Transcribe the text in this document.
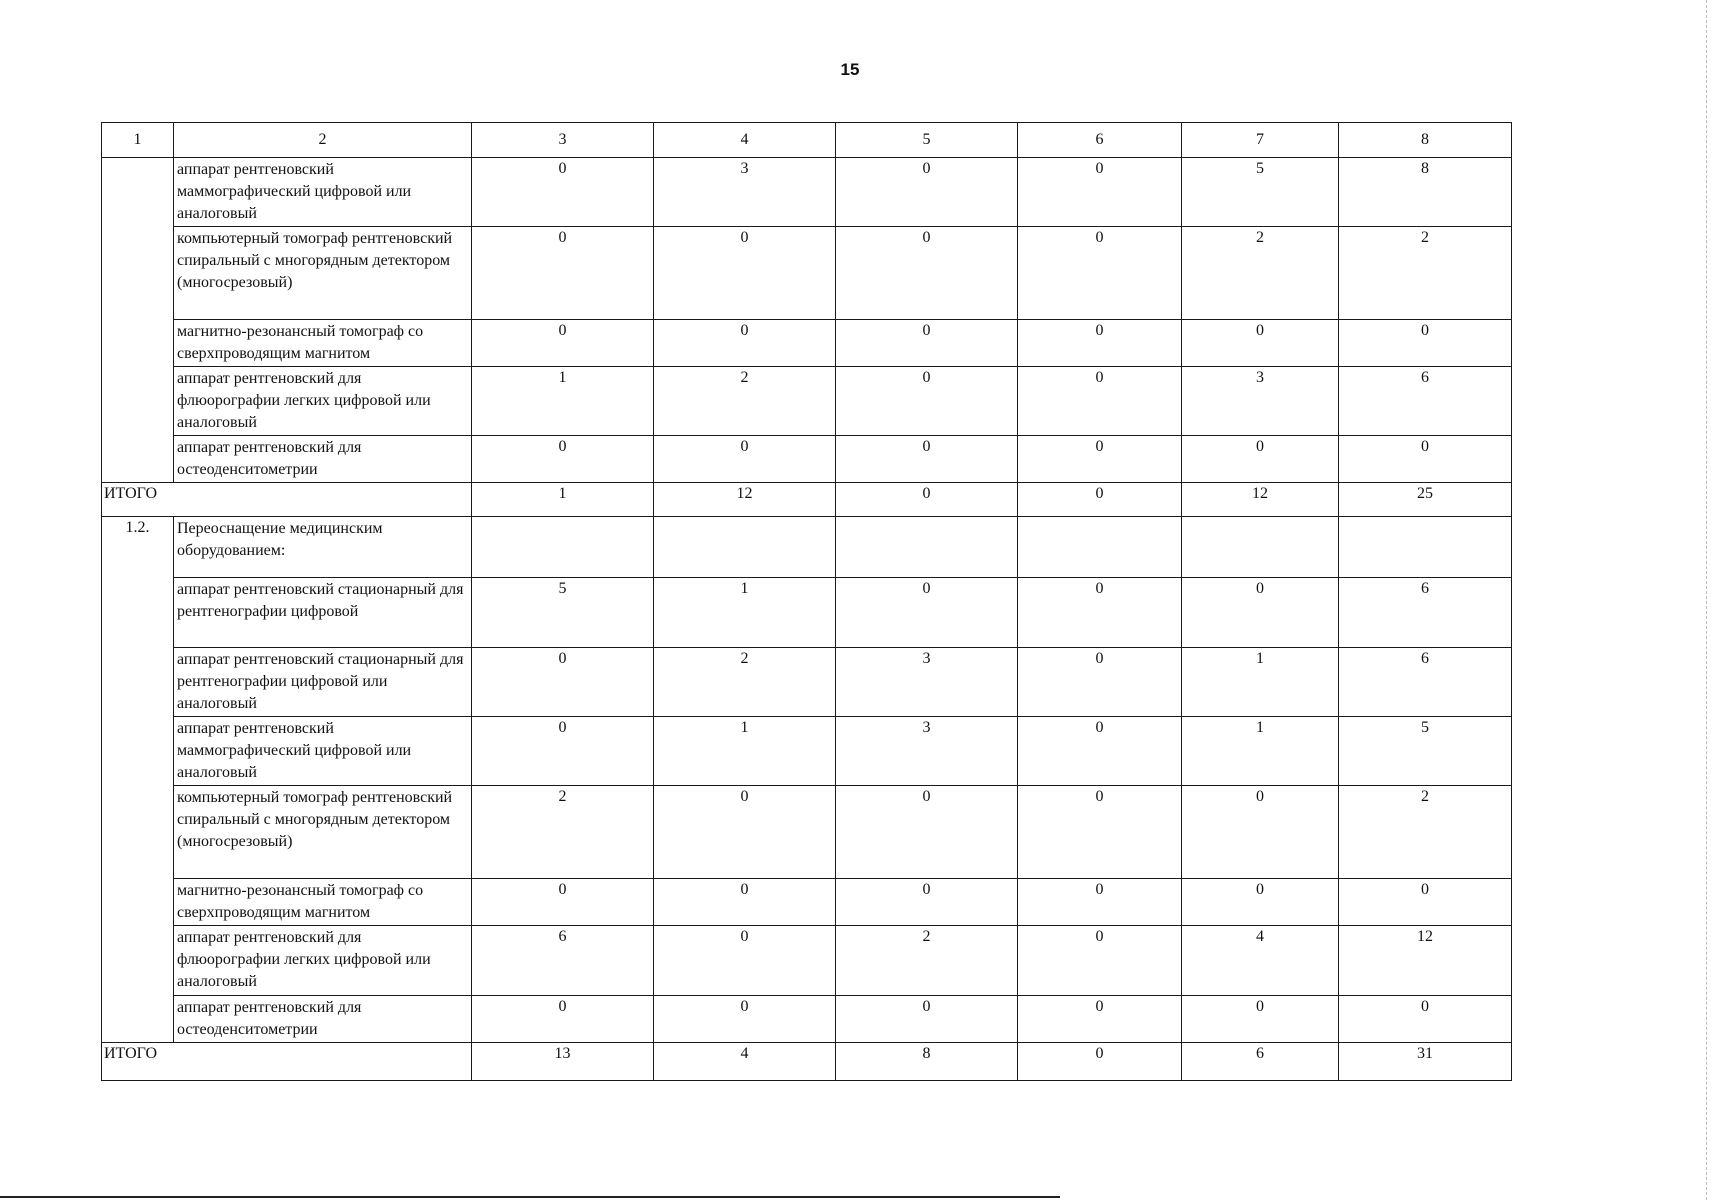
15
1	2	3	4	5	6	7	8
	аппарат рентгеновский маммографический цифровой или аналоговый	0	3	0	0	5	8
	компьютерный томограф рентгеновский спиральный с многорядным детектором (многосрезовый)	0	0	0	0	2	2
	магнитно-резонансный томограф со сверхпроводящим магнитом	0	0	0	0	0	0
	аппарат рентгеновский для флюорографии легких цифровой или аналоговый	1	2	0	0	3	6
	аппарат рентгеновский для остеоденситометрии	0	0	0	0	0	0
ИТОГО		1	12	0	0	12	25
1.2.	Переоснащение медицинским оборудованием:						
	аппарат рентгеновский стационарный для рентгенографии цифровой	5	1	0	0	0	6
	аппарат рентгеновский стационарный для рентгенографии цифровой или аналоговый	0	2	3	0	1	6
	аппарат рентгеновский маммографический цифровой или аналоговый	0	1	3	0	1	5
	компьютерный томограф рентгеновский спиральный с многорядным детектором (многосрезовый)	2	0	0	0	0	2
	магнитно-резонансный томограф со сверхпроводящим магнитом	0	0	0	0	0	0
	аппарат рентгеновский для флюорографии легких цифровой или аналоговый	6	0	2	0	4	12
	аппарат рентгеновский для остеоденситометрии	0	0	0	0	0	0
ИТОГО		13	4	8	0	6	31
